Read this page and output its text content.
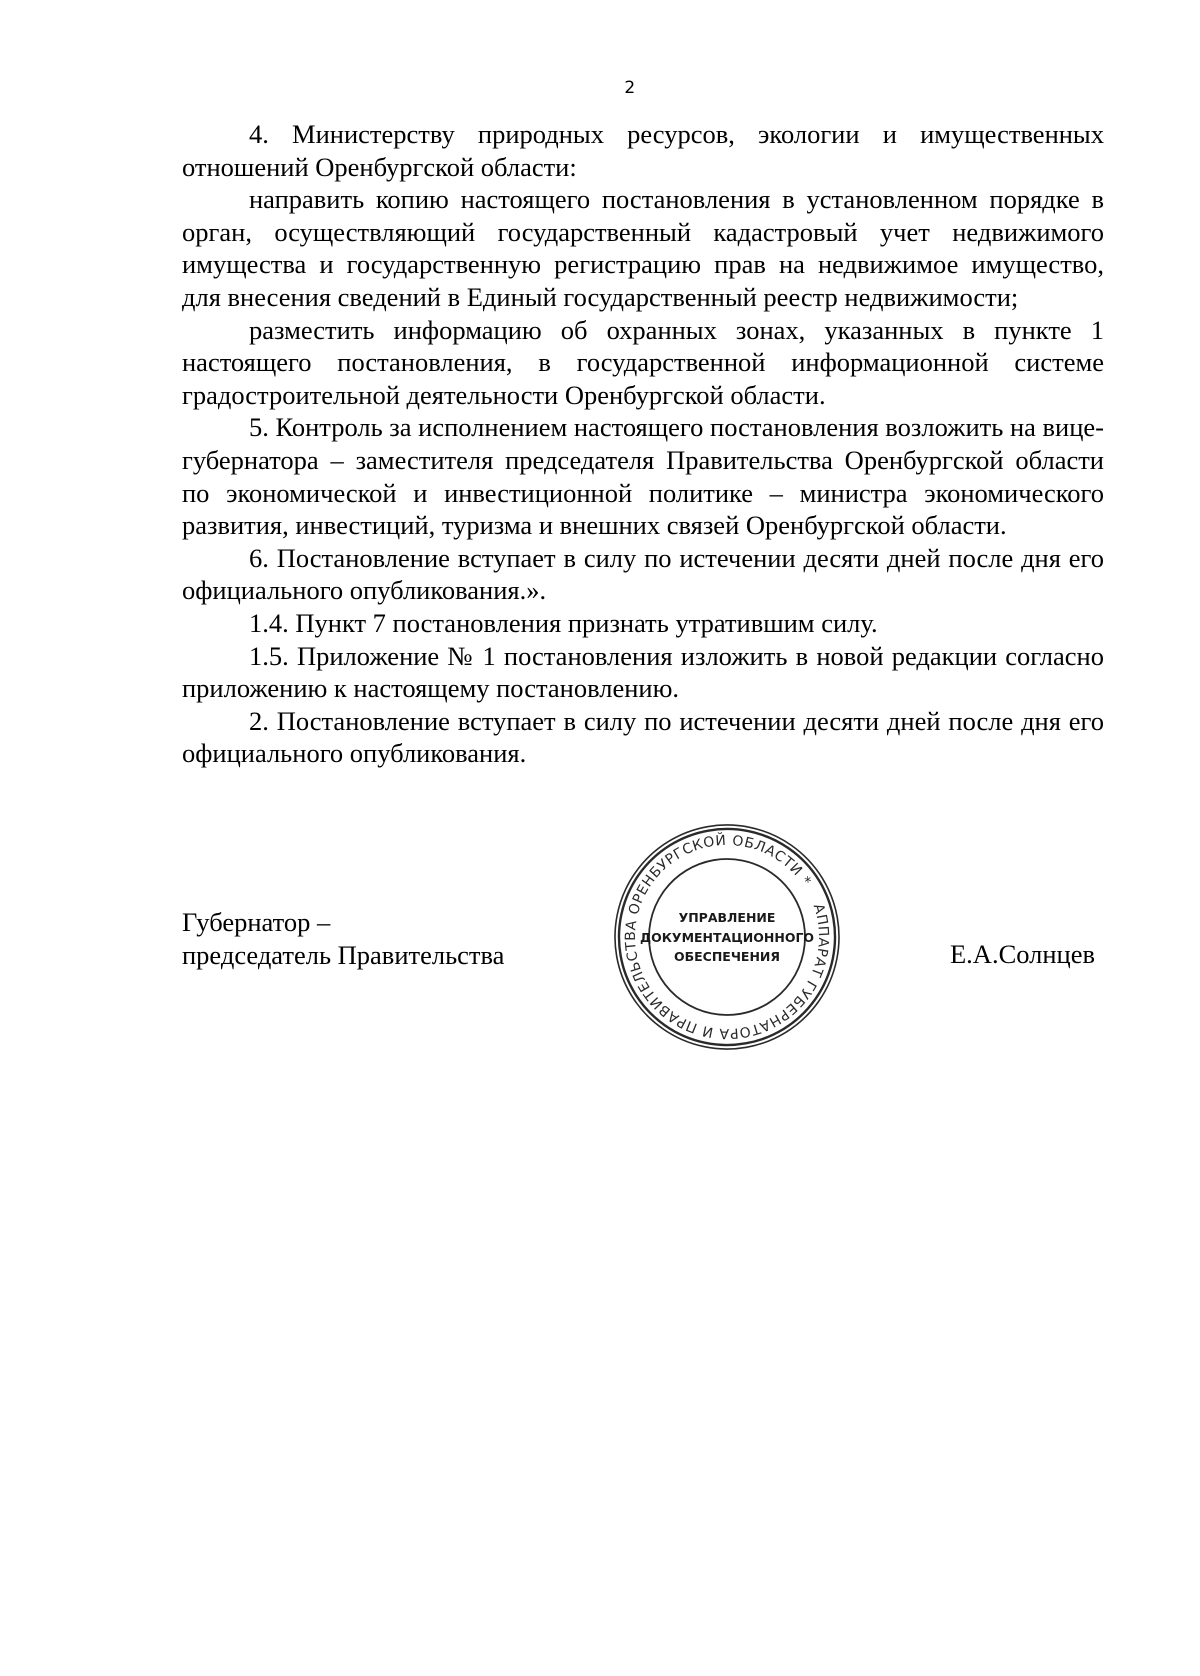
2

4. Министерству природных ресурсов, экологии и имущественных отношений Оренбургской области:

направить копию настоящего постановления в установленном порядке в орган, осуществляющий государственный кадастровый учет недвижимого имущества и государственную регистрацию прав на недвижимое имущество, для внесения сведений в Единый государственный реестр недвижимости;

разместить информацию об охранных зонах, указанных в пункте 1 настоящего постановления, в государственной информационной системе градостроительной деятельности Оренбургской области.

5. Контроль за исполнением настоящего постановления возложить на вице-губернатора – заместителя председателя Правительства Оренбургской области по экономической и инвестиционной политике – министра экономического развития, инвестиций, туризма и внешних связей Оренбургской области.

6. Постановление вступает в силу по истечении десяти дней после дня его официального опубликования.».

1.4. Пункт 7 постановления признать утратившим силу.

1.5. Приложение № 1 постановления изложить в новой редакции согласно приложению к настоящему постановлению.

2. Постановление вступает в силу по истечении десяти дней после дня его официального опубликования.

Губернатор –
председатель Правительства
АППАРАТ ГУБЕРНАТОРА И ПРАВИТЕЛЬСТВА ОРЕНБУРГСКОЙ ОБЛАСТИ *
УПРАВЛЕНИЕ
ДОКУМЕНТАЦИОННОГО
ОБЕСПЕЧЕНИЯ	Е.А.Солнцев
